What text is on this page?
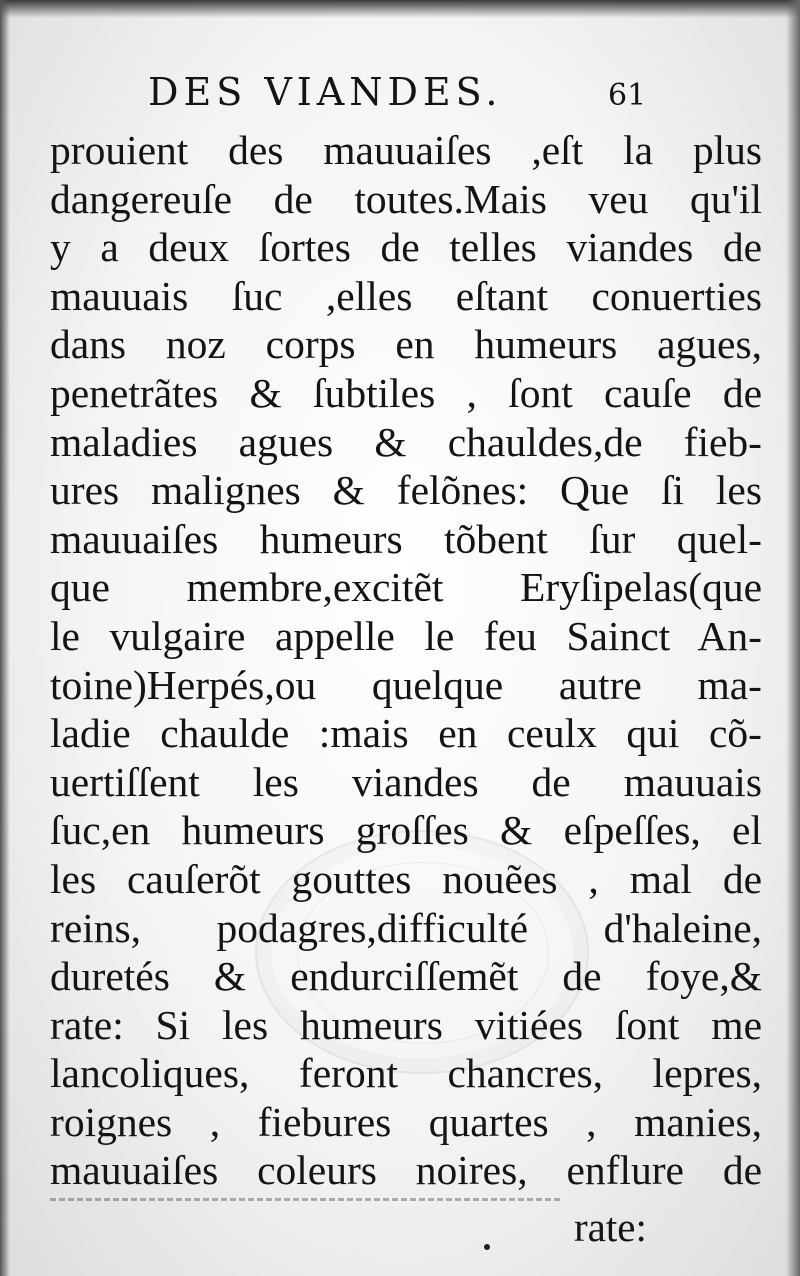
DES VIANDES.	61
prouient des mauuaiſes ,eſt la plus
dangereuſe de toutes.Mais veu qu'il
y a deux ſortes de telles viandes de
mauuais ſuc ,elles eſtant conuerties
dans noz corps en humeurs agues,
penetrãtes & ſubtiles , ſont cauſe de
maladies agues & chauldes,de fieb-
ures malignes & felõnes: Que ſi les
mauuaiſes humeurs tõbent ſur quel-
que membre,excitẽt Eryſipelas(que
le vulgaire appelle le feu Sainct An-
toine)Herpés,ou quelque autre ma-
ladie chaulde :mais en ceulx qui cõ-
uertiſſent les viandes de mauuais
ſuc,en humeurs groſſes & eſpeſſes, el
les cauſerõt gouttes nouẽes , mal de
reins, podagres,difficulté d'haleine,
duretés & endurciſſemẽt de foye,&
rate: Si les humeurs vitiées ſont me
lancoliques, feront chancres, lepres,
roignes , fiebures quartes , manies,
mauuaiſes coleurs noires, enflure de
rate:
